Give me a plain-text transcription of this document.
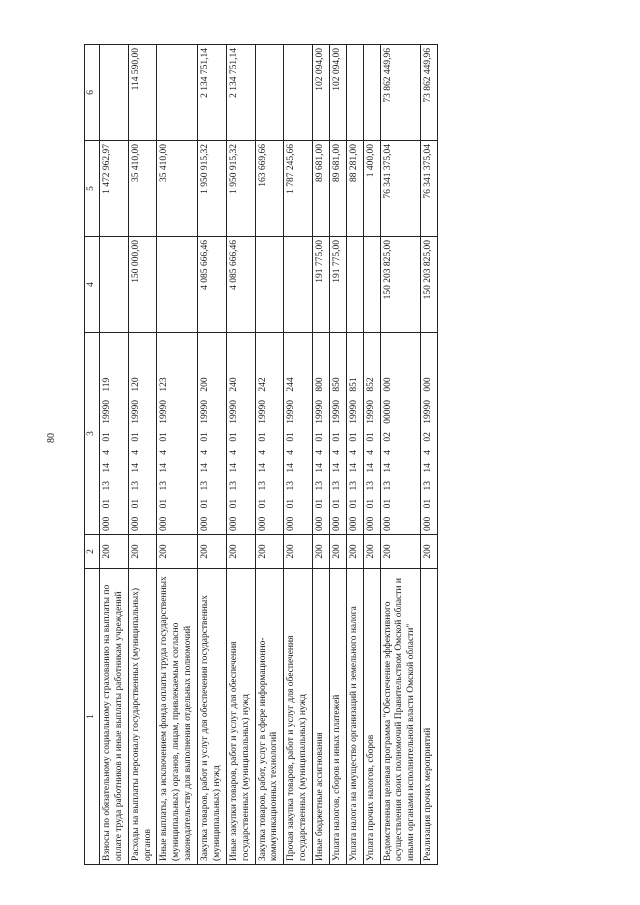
80
1	2	3	4	5	6
Взносы по обязательному социальному страхованию на выплаты по оплате труда работников и иные выплаты работникам учреждений	200	000 01 13 14 4 01 19990 119		1 472 962,97	
Расходы на выплаты персоналу государственных (муниципальных) органов	200	000 01 13 14 4 01 19990 120	150 000,00	35 410,00	114 590,00
Иные выплаты, за исключением фонда оплаты труда государственных (муниципальных) органов, лицам, привлекаемым согласно законодательству для выполнения отдельных полномочий	200	000 01 13 14 4 01 19990 123		35 410,00	
Закупка товаров, работ и услуг для обеспечения государственных (муниципальных) нужд	200	000 01 13 14 4 01 19990 200	4 085 666,46	1 950 915,32	2 134 751,14
Иные закупки товаров, работ и услуг для обеспечения государственных (муниципальных) нужд	200	000 01 13 14 4 01 19990 240	4 085 666,46	1 950 915,32	2 134 751,14
Закупка товаров, работ, услуг в сфере информационно-коммуникационных технологий	200	000 01 13 14 4 01 19990 242		163 669,66	
Прочая закупка товаров, работ и услуг для обеспечения государственных (муниципальных) нужд	200	000 01 13 14 4 01 19990 244		1 787 245,66	
Иные бюджетные ассигнования	200	000 01 13 14 4 01 19990 800	191 775,00	89 681,00	102 094,00
Уплата налогов, сборов и иных платежей	200	000 01 13 14 4 01 19990 850	191 775,00	89 681,00	102 094,00
Уплата налога на имущество организаций и земельного налога	200	000 01 13 14 4 01 19990 851		88 281,00	
Уплата прочих налогов, сборов	200	000 01 13 14 4 01 19990 852		1 400,00	
Ведомственная целевая программа "Обеспечение эффективного осуществления своих полномочий Правительством Омской области и иными органами исполнительной власти Омской области"	200	000 01 13 14 4 02 00000 000	150 203 825,00	76 341 375,04	73 862 449,96
Реализация прочих мероприятий	200	000 01 13 14 4 02 19990 000	150 203 825,00	76 341 375,04	73 862 449,96
